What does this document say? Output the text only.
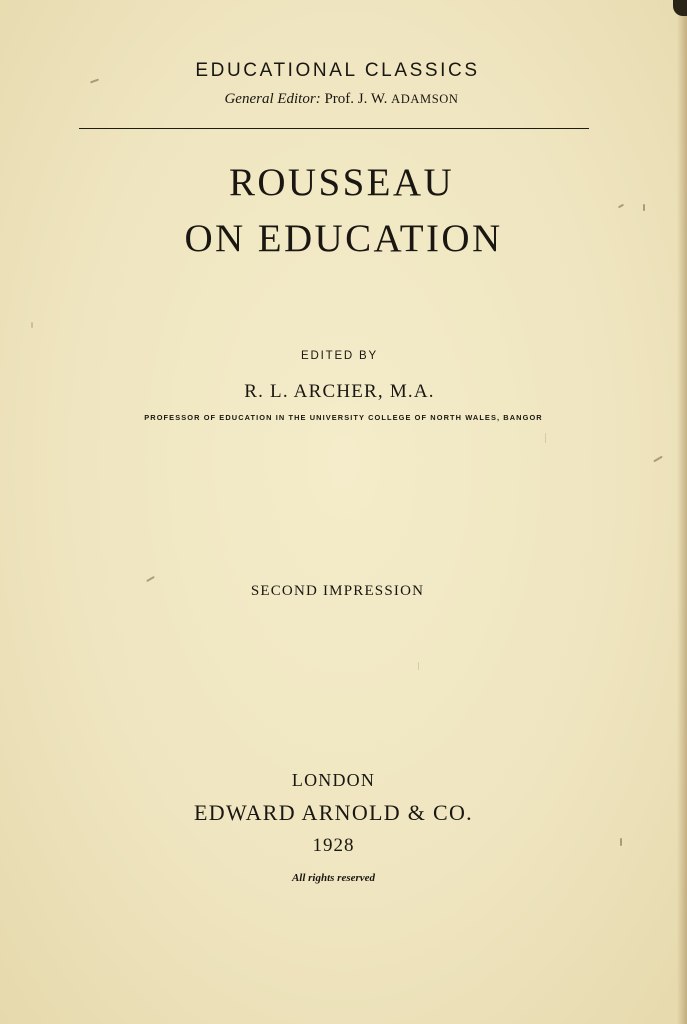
EDUCATIONAL CLASSICS
General Editor: Prof. J. W. ADAMSON
ROUSSEAU
ON EDUCATION
EDITED BY
R. L. ARCHER, M.A.
PROFESSOR OF EDUCATION IN THE UNIVERSITY COLLEGE OF NORTH WALES, BANGOR
SECOND IMPRESSION
LONDON
EDWARD ARNOLD & CO.
1928
All rights reserved
